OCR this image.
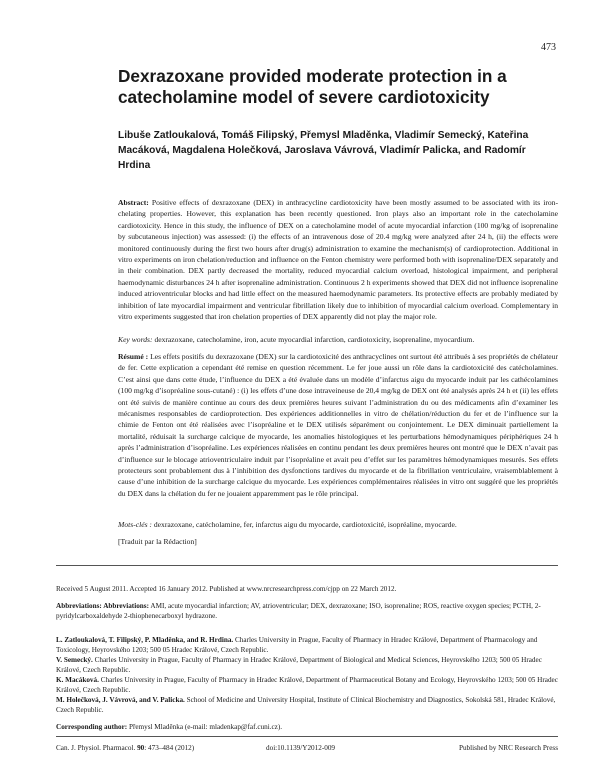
473
Dexrazoxane provided moderate protection in a catecholamine model of severe cardiotoxicity

Libuše Zatloukalová, Tomáš Filipský, Přemysl Mladěnka, Vladimír Semecký, Kateřina Macáková, Magdalena Holečková, Jaroslava Vávrová, Vladimír Palicka, and Radomír Hrdina

Abstract: Positive effects of dexrazoxane (DEX) in anthracycline cardiotoxicity have been mostly assumed to be associated with its iron-chelating properties. However, this explanation has been recently questioned. Iron plays also an important role in the catecholamine cardiotoxicity. Hence in this study, the influence of DEX on a catecholamine model of acute myocardial infarction (100 mg/kg of isoprenaline by subcutaneous injection) was assessed: (i) the effects of an intravenous dose of 20.4 mg/kg were analyzed after 24 h, (ii) the effects were monitored continuously during the first two hours after drug(s) administration to examine the mechanism(s) of cardioprotection. Additional in vitro experiments on iron chelation/reduction and influence on the Fenton chemistry were performed both with isoprenaline/DEX separately and in their combination. DEX partly decreased the mortality, reduced myocardial calcium overload, histological impairment, and peripheral haemodynamic disturbances 24 h after isoprenaline administration. Continuous 2 h experiments showed that DEX did not influence isoprenaline induced atrioventricular blocks and had little effect on the measured haemodynamic parameters. Its protective effects are probably mediated by inhibition of late myocardial impairment and ventricular fibrillation likely due to inhibition of myocardial calcium overload. Complementary in vitro experiments suggested that iron chelation properties of DEX apparently did not play the major role.
Key words: dexrazoxane, catecholamine, iron, acute myocardial infarction, cardiotoxicity, isoprenaline, myocardium.
Résumé : Les effets positifs du dexrazoxane (DEX) sur la cardiotoxicité des anthracyclines ont surtout été attribués à ses propriétés de chélateur de fer. Cette explication a cependant été remise en question récemment. Le fer joue aussi un rôle dans la cardiotoxicité des catécholamines. C’est ainsi que dans cette étude, l’influence du DEX a été évaluée dans un modèle d’infarctus aigu du myocarde induit par les cathécolamines (100 mg/kg d’isopréaline sous-cutané) : (i) les effets d’une dose intraveineuse de 20,4 mg/kg de DEX ont été analysés après 24 h et (ii) les effets ont été suivis de manière continue au cours des deux premières heures suivant l’administration du ou des médicaments afin d’examiner les mécanismes responsables de cardioprotection. Des expériences additionnelles in vitro de chélation/réduction du fer et de l’influence sur la chimie de Fenton ont été réalisées avec l’isopréaline et le DEX utilisés séparément ou conjointement. Le DEX diminuait partiellement la mortalité, réduisait la surcharge calcique de myocarde, les anomalies histologiques et les perturbations hémodynamiques périphériques 24 h après l’administration d’isopréaline. Les expériences réalisées en continu pendant les deux premières heures ont montré que le DEX n’avait pas d’influence sur le blocage atrioventriculaire induit par l’isopréaline et avait peu d’effet sur les paramètres hémodynamiques mesurés. Ses effets protecteurs sont probablement dus à l’inhibition des dysfonctions tardives du myocarde et de la fibrillation ventriculaire, vraisemblablement à cause d’une inhibition de la surcharge calcique du myocarde. Les expériences complémentaires réalisées in vitro ont suggéré que les propriétés du DEX dans la chélation du fer ne jouaient apparemment pas le rôle principal.
Mots-clés : dexrazoxane, catécholamine, fer, infarctus aigu du myocarde, cardiotoxicité, isopréaline, myocarde.
[Traduit par la Rédaction]
Received 5 August 2011. Accepted 16 January 2012. Published at www.nrcresearchpress.com/cjpp on 22 March 2012.
Abbreviations: Abbreviations: AMI, acute myocardial infarction; AV, atrioventricular; DEX, dexrazoxane; ISO, isoprenaline; ROS, reactive oxygen species; PCTH, 2-pyridylcarboxaldehyde 2-thiophenecarboxyl hydrazone.

L. Zatloukalová, T. Filipský, P. Mladěnka, and R. Hrdina. Charles University in Prague, Faculty of Pharmacy in Hradec Králové, Department of Pharmacology and Toxicology, Heyrovského 1203; 500 05 Hradec Králové, Czech Republic.

V. Semecký. Charles University in Prague, Faculty of Pharmacy in Hradec Králové, Department of Biological and Medical Sciences, Heyrovského 1203; 500 05 Hradec Králové, Czech Republic.

K. Macáková. Charles University in Prague, Faculty of Pharmacy in Hradec Králové, Department of Pharmaceutical Botany and Ecology, Heyrovského 1203; 500 05 Hradec Králové, Czech Republic.

M. Holečková, J. Vávrová, and V. Palicka. School of Medicine and University Hospital, Institute of Clinical Biochemistry and Diagnostics, Sokolská 581, Hradec Králové, Czech Republic.

Corresponding author: Přemysl Mladěnka (e-mail: mladenkap@faf.cuni.cz).
Can. J. Physiol. Pharmacol. 90: 473–484 (2012)	doi:10.1139/Y2012-009	Published by NRC Research Press
